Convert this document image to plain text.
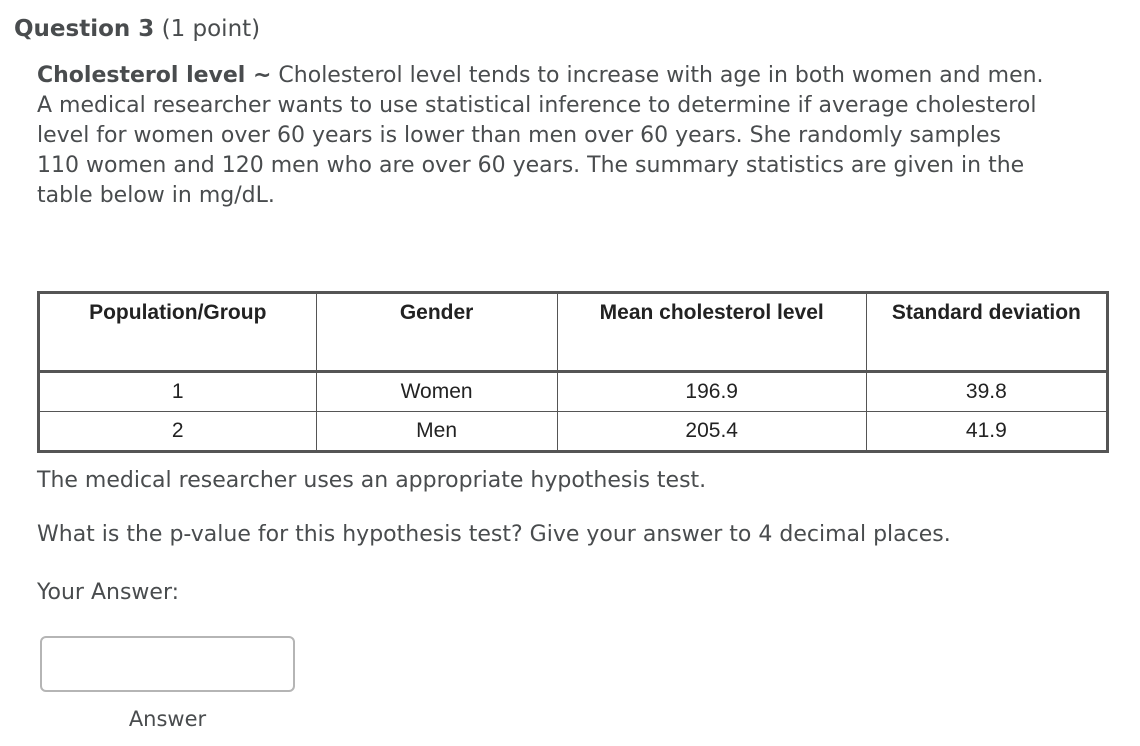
Question 3 (1 point)
Cholesterol level ~ Cholesterol level tends to increase with age in both women and men. A medical researcher wants to use statistical inference to determine if average cholesterol level for women over 60 years is lower than men over 60 years. She randomly samples 110 women and 120 men who are over 60 years. The summary statistics are given in the table below in mg/dL.
Population/Group	Gender	Mean cholesterol level	Standard deviation
1	Women	196.9	39.8
2	Men	205.4	41.9
The medical researcher uses an appropriate hypothesis test.
What is the p-value for this hypothesis test? Give your answer to 4 decimal places.
Your Answer:
Answer
